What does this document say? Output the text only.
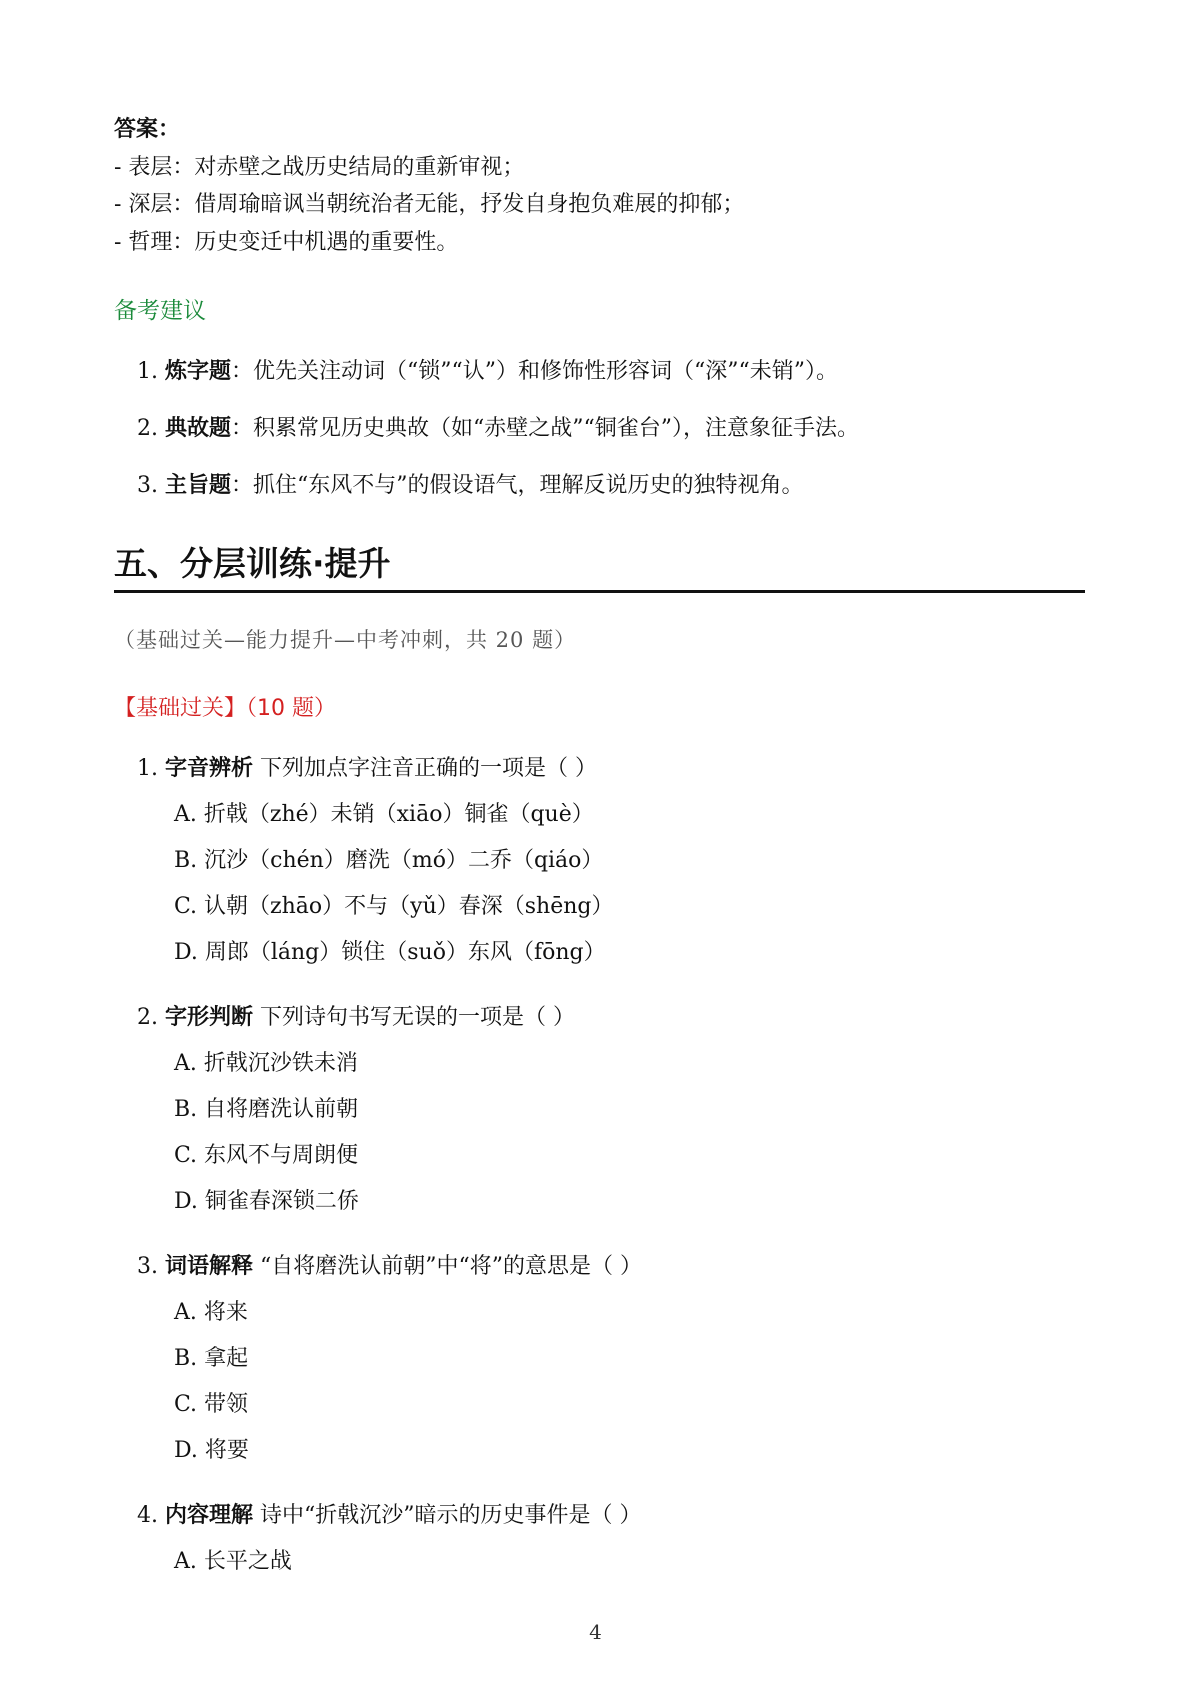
答案：
- 表层：对赤壁之战历史结局的重新审视；
- 深层：借周瑜暗讽当朝统治者无能，抒发自身抱负难展的抑郁；
- 哲理：历史变迁中机遇的重要性。
备考建议
1. 炼字题：优先关注动词（“锁”“认”）和修饰性形容词（“深”“未销”）。
2. 典故题：积累常见历史典故（如“赤壁之战”“铜雀台”），注意象征手法。
3. 主旨题：抓住“东风不与”的假设语气，理解反说历史的独特视角。
五、分层训练·提升
（基础过关—能力提升—中考冲刺，共 20 题）
【基础过关】（10 题）
1. 字音辨析 下列加点字注音正确的一项是（ ）
A. 折戟（zhé）未销（xiāo）铜雀（què）
B. 沉沙（chén）磨洗（mó）二乔（qiáo）
C. 认朝（zhāo）不与（yǔ）春深（shēng）
D. 周郎（láng）锁住（suǒ）东风（fōng）
2. 字形判断 下列诗句书写无误的一项是（ ）
A. 折戟沉沙铁未消
B. 自将磨洗认前朝
C. 东风不与周朗便
D. 铜雀春深锁二侨
3. 词语解释 “自将磨洗认前朝”中“将”的意思是（ ）
A. 将来
B. 拿起
C. 带领
D. 将要
4. 内容理解 诗中“折戟沉沙”暗示的历史事件是（ ）
A. 长平之战
4
